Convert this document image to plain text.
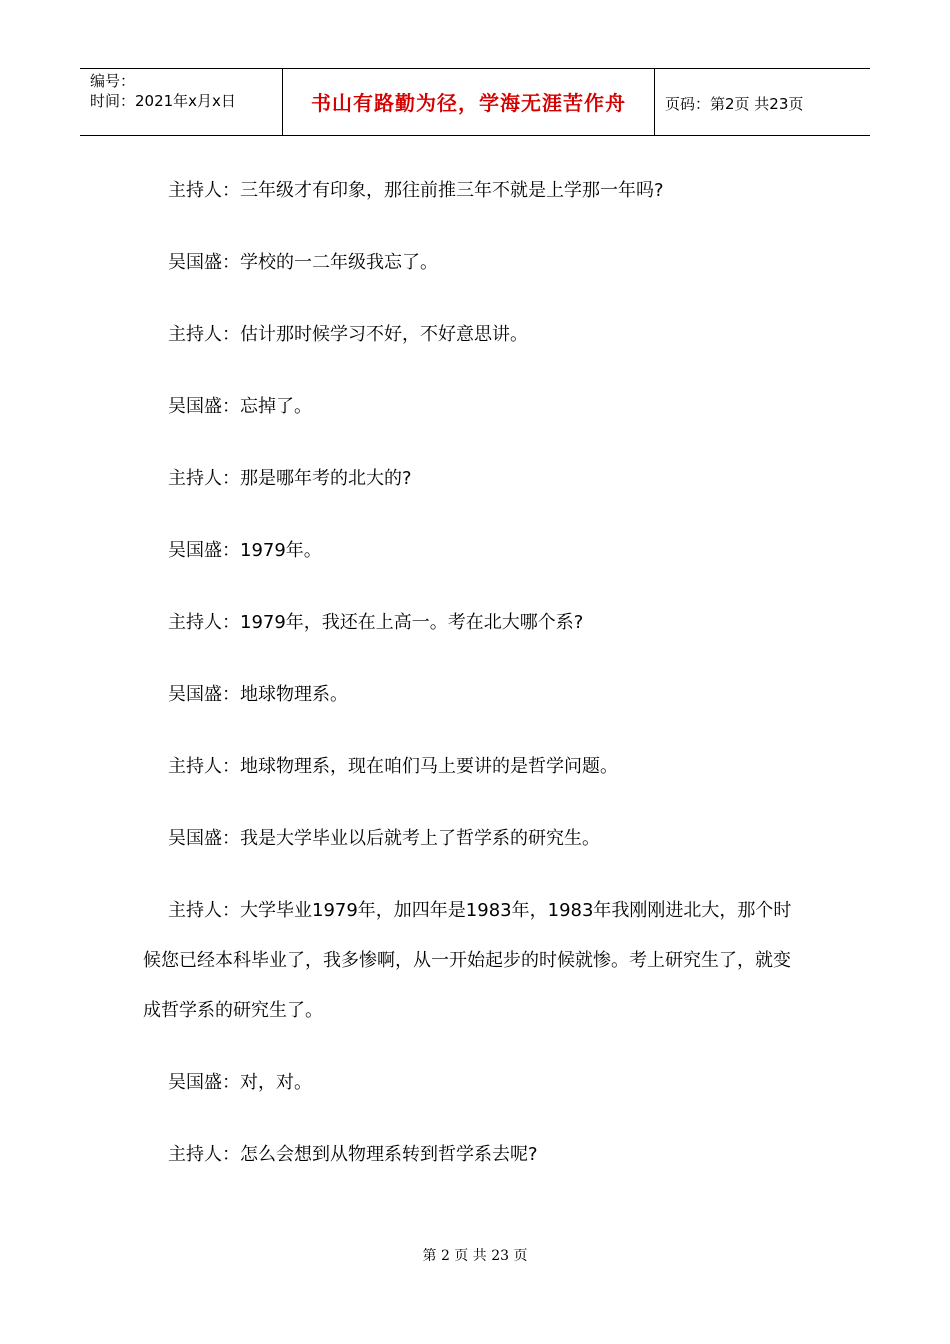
编号：
时间：2021年x月x日	书山有路勤为径，学海无涯苦作舟	页码：第2页 共23页

主持人：三年级才有印象，那往前推三年不就是上学那一年吗?

吴国盛：学校的一二年级我忘了。

主持人：估计那时候学习不好，不好意思讲。

吴国盛：忘掉了。

主持人：那是哪年考的北大的?

吴国盛：1979年。

主持人：1979年，我还在上高一。考在北大哪个系?

吴国盛：地球物理系。

主持人：地球物理系，现在咱们马上要讲的是哲学问题。

吴国盛：我是大学毕业以后就考上了哲学系的研究生。

主持人：大学毕业1979年，加四年是1983年，1983年我刚刚进北大，那个时候您已经本科毕业了，我多惨啊，从一开始起步的时候就惨。考上研究生了，就变成哲学系的研究生了。

吴国盛：对，对。

主持人：怎么会想到从物理系转到哲学系去呢?

第 2 页 共 23 页
